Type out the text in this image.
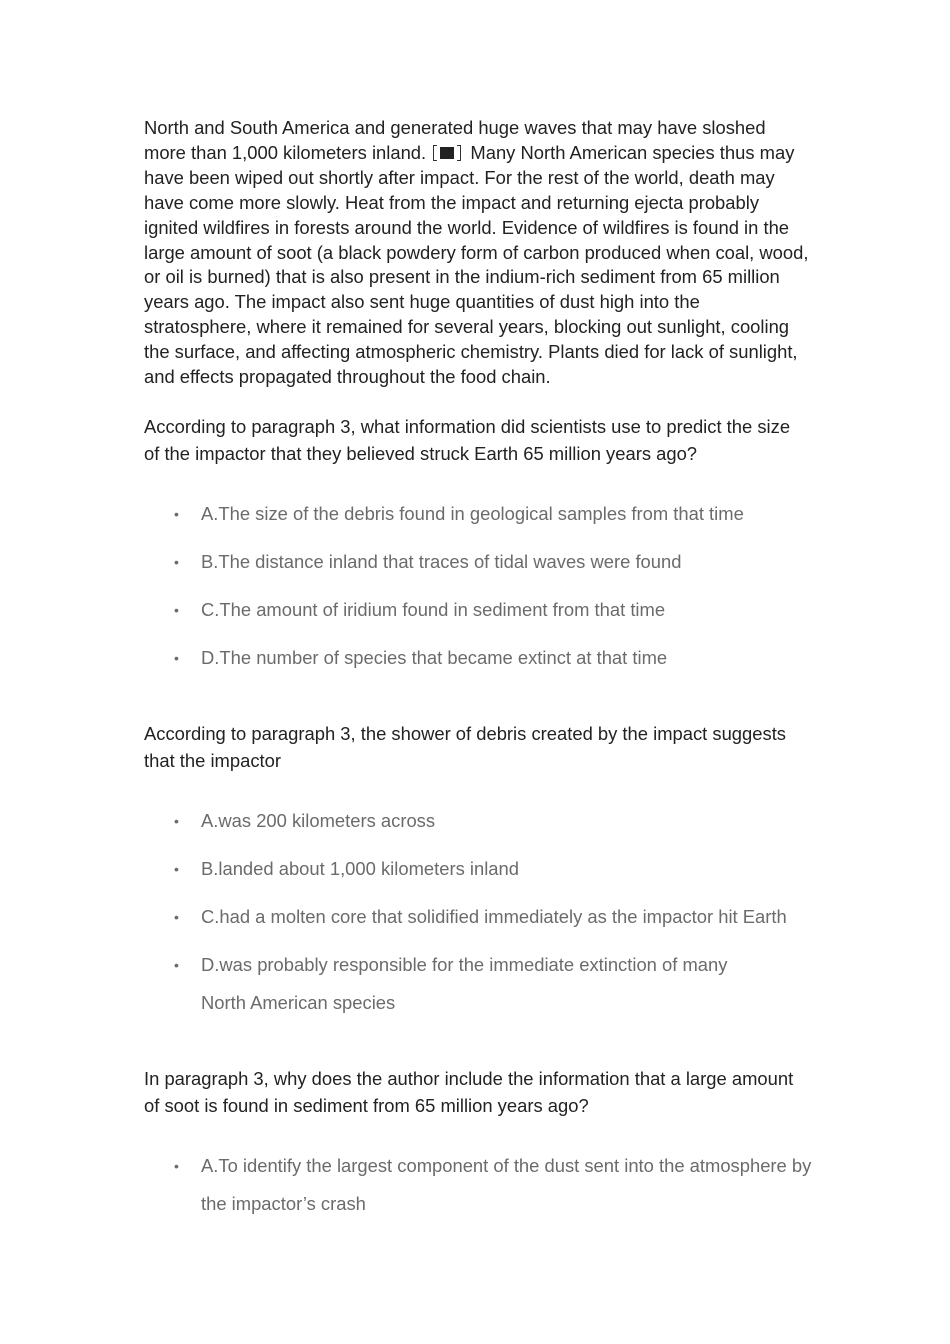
North and South America and generated huge waves that may have sloshed more than 1,000 kilometers inland. Many North American species thus may have been wiped out shortly after impact. For the rest of the world, death may have come more slowly. Heat from the impact and returning ejecta probably ignited wildfires in forests around the world. Evidence of wildfires is found in the large amount of soot (a black powdery form of carbon produced when coal, wood, or oil is burned) that is also present in the indium-rich sediment from 65 million years ago. The impact also sent huge quantities of dust high into the stratosphere, where it remained for several years, blocking out sunlight, cooling the surface, and affecting atmospheric chemistry. Plants died for lack of sunlight, and effects propagated throughout the food chain.

According to paragraph 3, what information did scientists use to predict the size of the impactor that they believed struck Earth 65 million years ago?

• A.The size of the debris found in geological samples from that time
• B.The distance inland that traces of tidal waves were found
• C.The amount of iridium found in sediment from that time
• D.The number of species that became extinct at that time

According to paragraph 3, the shower of debris created by the impact suggests that the impactor

• A.was 200 kilometers across
• B.landed about 1,000 kilometers inland
• C.had a molten core that solidified immediately as the impactor hit Earth
• D.was probably responsible for the immediate extinction of many North American species

In paragraph 3, why does the author include the information that a large amount of soot is found in sediment from 65 million years ago?

• A.To identify the largest component of the dust sent into the atmosphere by the impactor’s crash
